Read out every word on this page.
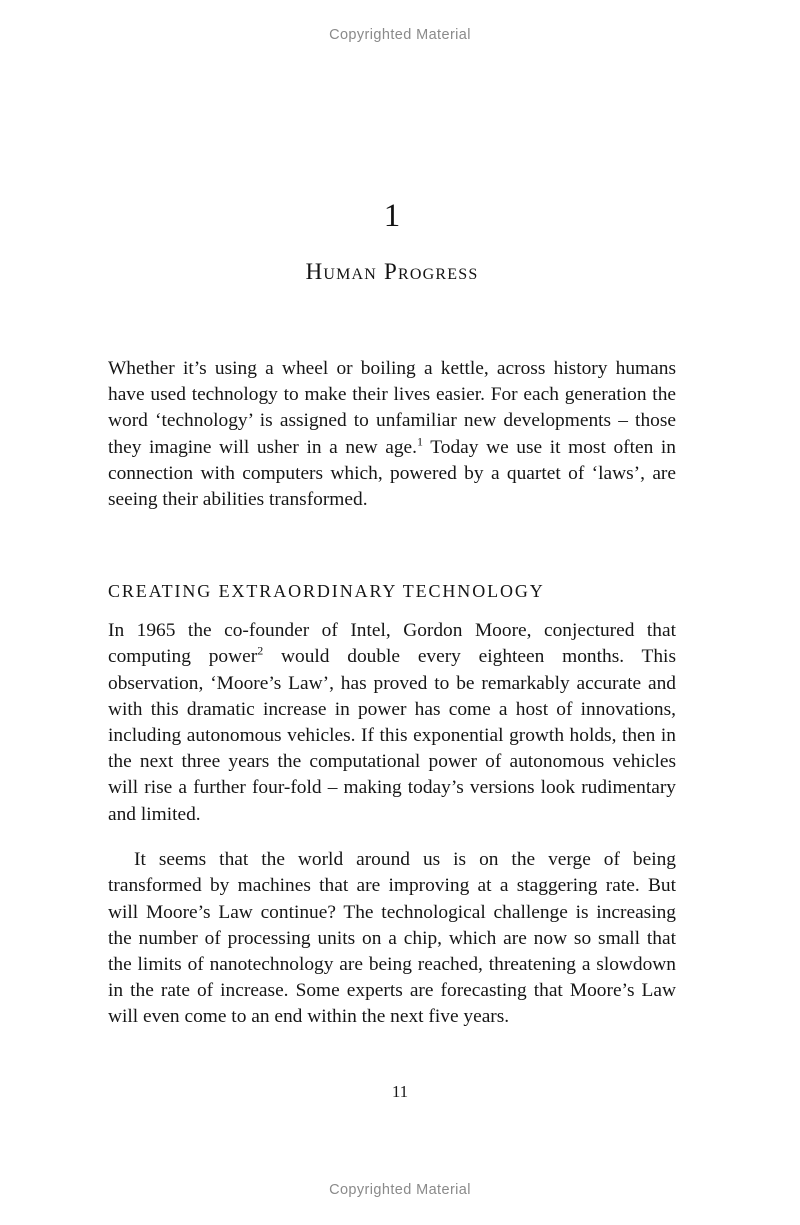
Copyrighted Material
1
Human Progress

Whether it’s using a wheel or boiling a kettle, across history humans have used technology to make their lives easier. For each generation the word ‘technology’ is assigned to unfamiliar new developments – those they imagine will usher in a new age.$^1$ Today we use it most often in connection with computers which, powered by a quartet of ‘laws’, are seeing their abilities transformed.

CREATING EXTRAORDINARY TECHNOLOGY

In 1965 the co-founder of Intel, Gordon Moore, conjectured that computing power$^2$ would double every eighteen months. This observation, ‘Moore’s Law’, has proved to be remarkably accurate and with this dramatic increase in power has come a host of innovations, including autonomous vehicles. If this exponential growth holds, then in the next three years the computational power of autonomous vehicles will rise a further four-fold – making today’s versions look rudimentary and limited.

It seems that the world around us is on the verge of being transformed by machines that are improving at a staggering rate. But will Moore’s Law continue? The technological challenge is increasing the number of processing units on a chip, which are now so small that the limits of nanotechnology are being reached, threatening a slowdown in the rate of increase. Some experts are forecasting that Moore’s Law will even come to an end within the next five years.

11
Copyrighted Material
